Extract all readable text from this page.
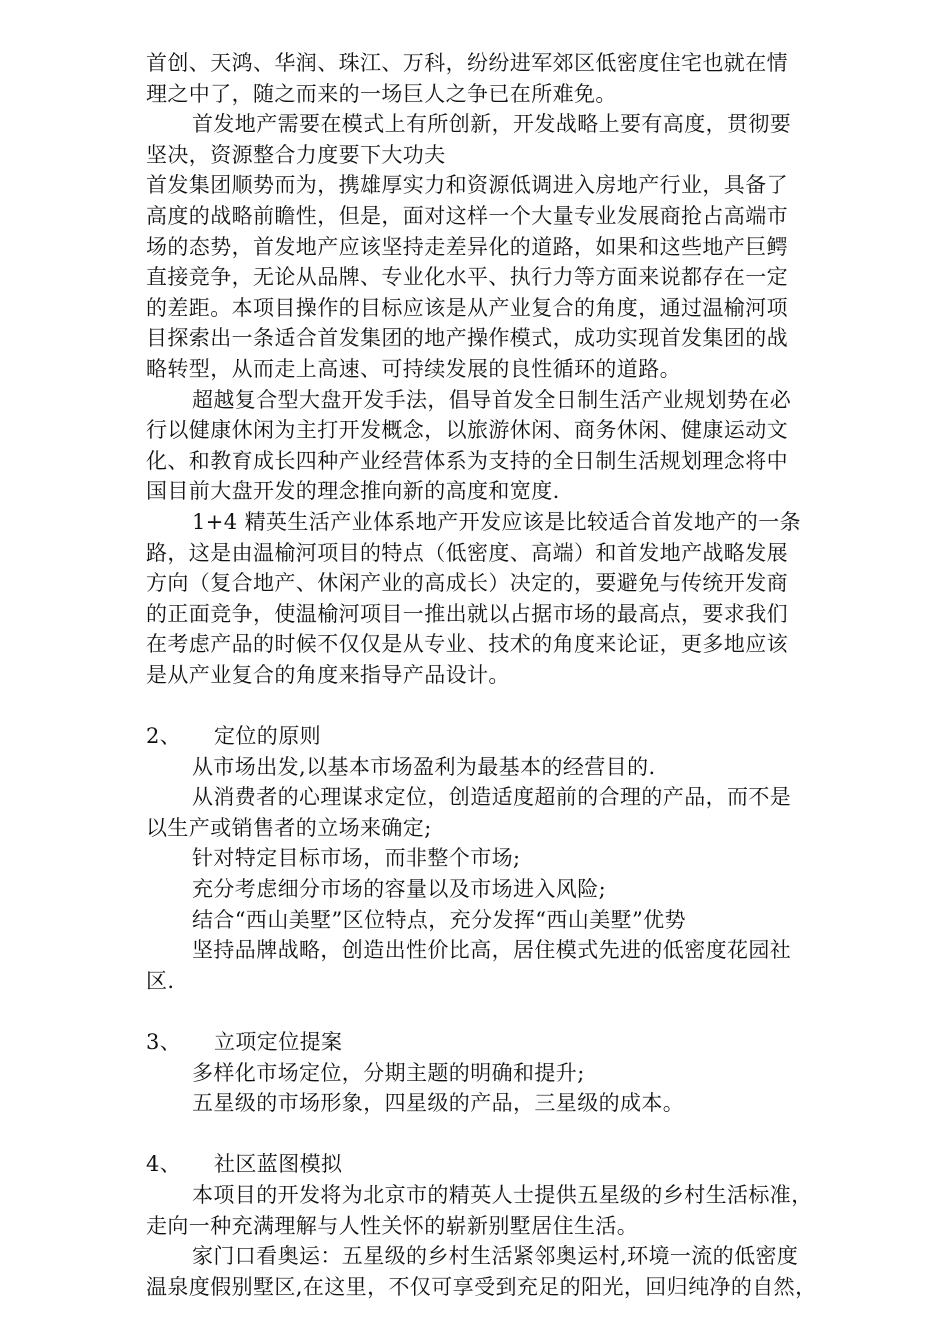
首创、天鸿、华润、珠江、万科，纷纷进军郊区低密度住宅也就在情
理之中了，随之而来的一场巨人之争已在所难免。
首发地产需要在模式上有所创新，开发战略上要有高度，贯彻要
坚决，资源整合力度要下大功夫
首发集团顺势而为，携雄厚实力和资源低调进入房地产行业，具备了
高度的战略前瞻性，但是，面对这样一个大量专业发展商抢占高端市
场的态势，首发地产应该坚持走差异化的道路，如果和这些地产巨鳄
直接竞争，无论从品牌、专业化水平、执行力等方面来说都存在一定
的差距。本项目操作的目标应该是从产业复合的角度，通过温榆河项
目探索出一条适合首发集团的地产操作模式，成功实现首发集团的战
略转型，从而走上高速、可持续发展的良性循环的道路。
超越复合型大盘开发手法，倡导首发全日制生活产业规划势在必
行以健康休闲为主打开发概念，以旅游休闲、商务休闲、健康运动文
化、和教育成长四种产业经营体系为支持的全日制生活规划理念将中
国目前大盘开发的理念推向新的高度和宽度.
1+4 精英生活产业体系地产开发应该是比较适合首发地产的一条
路，这是由温榆河项目的特点（低密度、高端）和首发地产战略发展
方向（复合地产、休闲产业的高成长）决定的，要避免与传统开发商
的正面竞争，使温榆河项目一推出就以占据市场的最高点，要求我们
在考虑产品的时候不仅仅是从专业、技术的角度来论证，更多地应该
是从产业复合的角度来指导产品设计。
2、 定位的原则
从市场出发,以基本市场盈利为最基本的经营目的.
从消费者的心理谋求定位，创造适度超前的合理的产品，而不是
以生产或销售者的立场来确定;
针对特定目标市场，而非整个市场;
充分考虑细分市场的容量以及市场进入风险;
结合“西山美墅”区位特点，充分发挥“西山美墅”优势
坚持品牌战略，创造出性价比高，居住模式先进的低密度花园社
区.
3、 立项定位提案
多样化市场定位，分期主题的明确和提升;
五星级的市场形象，四星级的产品，三星级的成本。
4、 社区蓝图模拟
本项目的开发将为北京市的精英人士提供五星级的乡村生活标准，
走向一种充满理解与人性关怀的崭新别墅居住生活。
家门口看奥运：五星级的乡村生活紧邻奥运村,环境一流的低密度
温泉度假别墅区,在这里，不仅可享受到充足的阳光，回归纯净的自然，
